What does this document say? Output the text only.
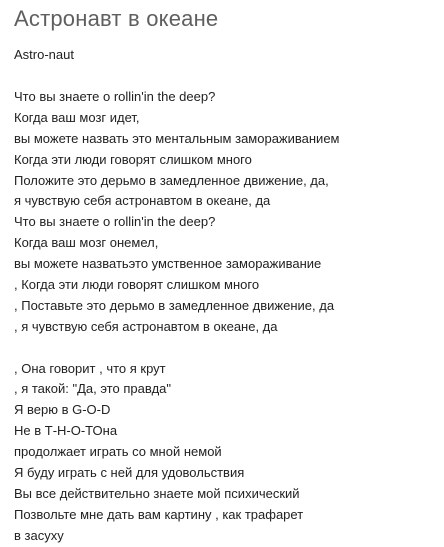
Астронавт в океане
Astro-naut
Что вы знаете о rollin'in the deep?
Когда ваш мозг идет,
вы можете назвать это ментальным замораживанием
Когда эти люди говорят слишком много
Положите это дерьмо в замедленное движение, да,
я чувствую себя астронавтом в океане, да
Что вы знаете о rollin'in the deep?
Когда ваш мозг онемел,
вы можете назватьэто умственное замораживание
, Когда эти люди говорят слишком много
, Поставьте это дерьмо в замедленное движение, да
, я чувствую себя астронавтом в океане, да
, Она говорит , что я крут
, я такой: "Да, это правда"
Я верю в G-O-D
Не в Т-Н-О-ТОна
продолжает играть со мной немой
Я буду играть с ней для удовольствия
Вы все действительно знаете мой психический
Позвольте мне дать вам картину , как трафарет
в засуху
